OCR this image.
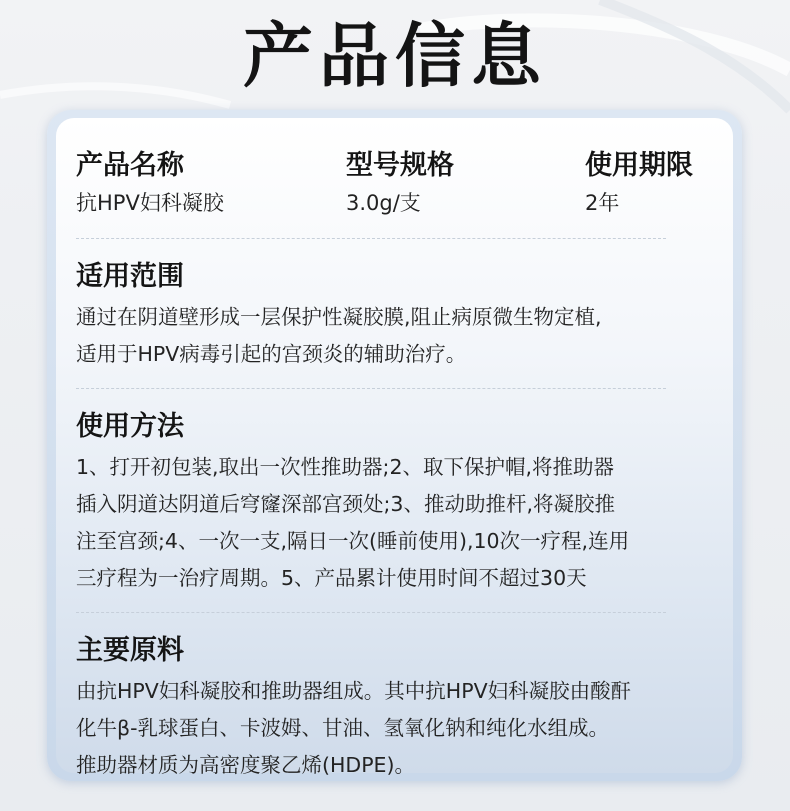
产品信息
产品名称
抗HPV妇科凝胶
型号规格
3.0g/支
使用期限
2年
适用范围

通过在阴道壁形成一层保护性凝胶膜,阻止病原微生物定植,

适用于HPV病毒引起的宫颈炎的辅助治疗。

使用方法

1、打开初包装,取出一次性推助器;2、取下保护帽,将推助器

插入阴道达阴道后穹窿深部宫颈处;3、推动助推杆,将凝胶推

注至宫颈;4、一次一支,隔日一次(睡前使用),10次一疗程,连用

三疗程为一治疗周期。5、产品累计使用时间不超过30天

主要原料

由抗HPV妇科凝胶和推助器组成。其中抗HPV妇科凝胶由酸酐

化牛β-乳球蛋白、卡波姆、甘油、氢氧化钠和纯化水组成。

推助器材质为高密度聚乙烯(HDPE)。
